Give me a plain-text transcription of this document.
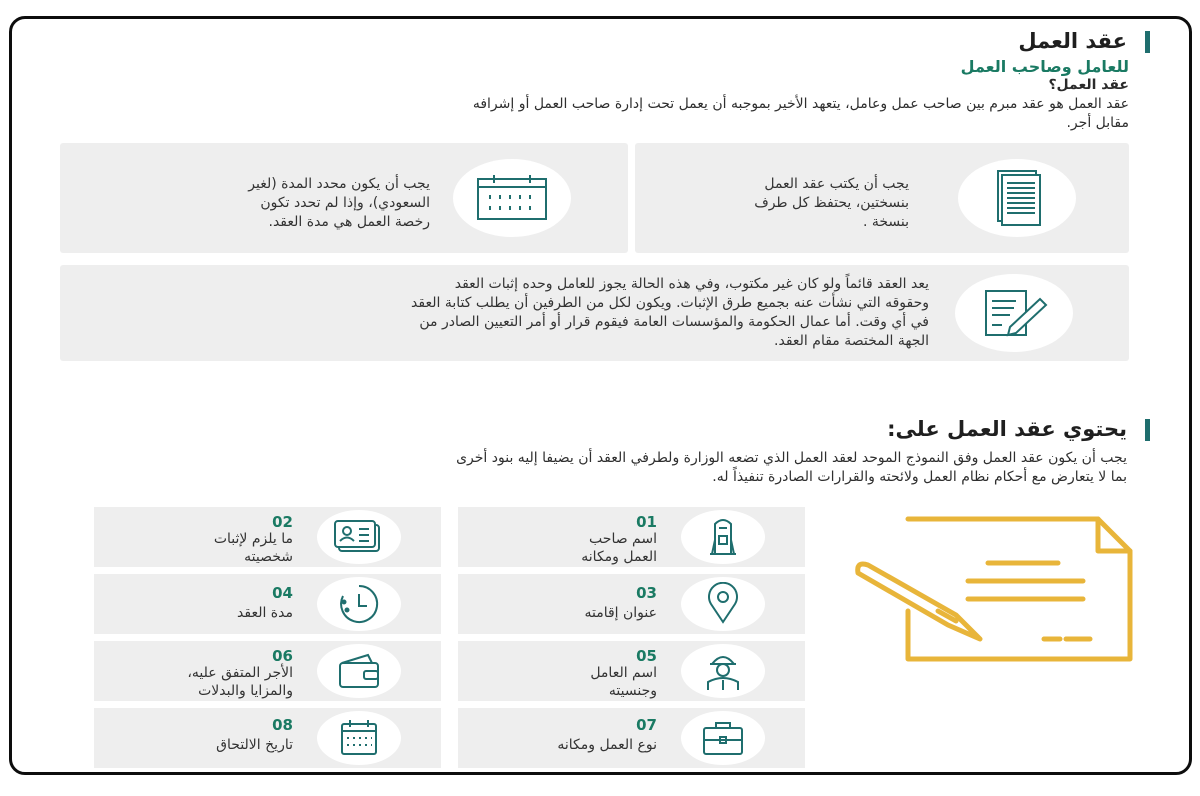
عقد العمل
للعامل وصاحب العمل
عقد العمل؟
عقد العمل هو عقد مبرم بين صاحب عمل وعامل، يتعهد الأخير بموجبه أن يعمل تحت إدارة صاحب العمل أو إشرافه
مقابل أجر.
يجب أن يكتب عقد العمل
بنسختين، يحتفظ كل طرف
بنسخة .
يجب أن يكون محدد المدة (لغير
السعودي)، وإذا لم تحدد تكون
رخصة العمل هي مدة العقد.
يعد العقد قائماً ولو كان غير مكتوب، وفي هذه الحالة يجوز للعامل وحده إثبات العقد
وحقوقه التي نشأت عنه بجميع طرق الإثبات. ويكون لكل من الطرفين أن يطلب كتابة العقد
في أي وقت. أما عمال الحكومة والمؤسسات العامة فيقوم قرار أو أمر التعيين الصادر من
الجهة المختصة مقام العقد.
يحتوي عقد العمل على:
يجب أن يكون عقد العمل وفق النموذج الموحد لعقد العمل الذي تضعه الوزارة ولطرفي العقد أن يضيفا إليه بنود أخرى
بما لا يتعارض مع أحكام نظام العمل ولائحته والقرارات الصادرة تنفيذاً له.
01
اسم صاحب
العمل ومكانه
02
ما يلزم لإثبات
شخصيته
03
عنوان إقامته
04
مدة العقد
05
اسم العامل
وجنسيته
06
الأجر المتفق عليه،
والمزايا والبدلات
07
نوع العمل ومكانه
08
تاريخ الالتحاق
